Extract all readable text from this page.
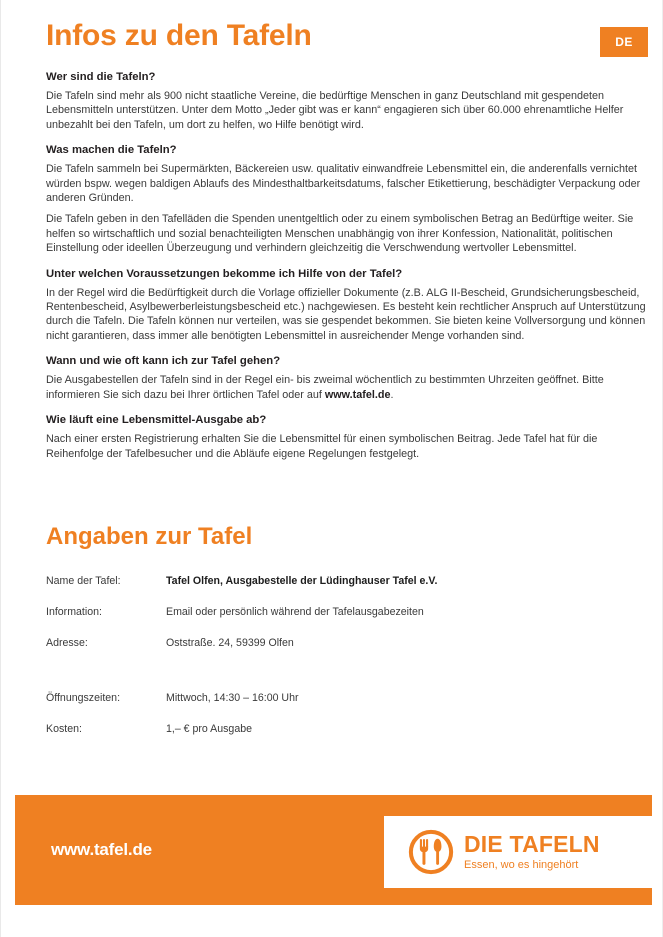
Infos zu den Tafeln	DE
Wer sind die Tafeln?

Die Tafeln sind mehr als 900 nicht staatliche Vereine, die bedürftige Menschen in ganz Deutschland mit gespendeten Lebensmitteln unterstützen. Unter dem Motto „Jeder gibt was er kann“ engagieren sich über 60.000 ehrenamtliche Helfer unbezahlt bei den Tafeln, um dort zu helfen, wo Hilfe benötigt wird.

Was machen die Tafeln?

Die Tafeln sammeln bei Supermärkten, Bäckereien usw. qualitativ einwandfreie Lebensmittel ein, die anderenfalls vernichtet würden bspw. wegen baldigen Ablaufs des Mindesthaltbarkeitsdatums, falscher Etikettierung, beschädigter Verpackung oder anderen Gründen.

Die Tafeln geben in den Tafelläden die Spenden unentgeltlich oder zu einem symbolischen Betrag an Bedürftige weiter. Sie helfen so wirtschaftlich und sozial benachteiligten Menschen unabhängig von ihrer Konfession, Nationalität, politischen Einstellung oder ideellen Überzeugung und verhindern gleichzeitig die Verschwendung wertvoller Lebensmittel.

Unter welchen Voraussetzungen bekomme ich Hilfe von der Tafel?

In der Regel wird die Bedürftigkeit durch die Vorlage offizieller Dokumente (z.B. ALG II-Bescheid, Grundsicherungsbescheid, Rentenbescheid, Asylbewerberleistungsbescheid etc.) nachgewiesen. Es besteht kein rechtlicher Anspruch auf Unterstützung durch die Tafeln. Die Tafeln können nur verteilen, was sie gespendet bekommen. Sie bieten keine Vollversorgung und können nicht garantieren, dass immer alle benötigten Lebensmittel in ausreichender Menge vorhanden sind.

Wann und wie oft kann ich zur Tafel gehen?

Die Ausgabestellen der Tafeln sind in der Regel ein- bis zweimal wöchentlich zu bestimmten Uhrzeiten geöffnet. Bitte informieren Sie sich dazu bei Ihrer örtlichen Tafel oder auf www.tafel.de.

Wie läuft eine Lebensmittel-Ausgabe ab?

Nach einer ersten Registrierung erhalten Sie die Lebensmittel für einen symbolischen Beitrag. Jede Tafel hat für die Reihenfolge der Tafelbesucher und die Abläufe eigene Regelungen festgelegt.

Angaben zur Tafel
Name der Tafel:	Tafel Olfen, Ausgabestelle der Lüdinghauser Tafel e.V.
Information:	Email oder persönlich während der Tafelausgabezeiten
Adresse:	Oststraße. 24, 59399 Olfen
Öffnungszeiten:	Mittwoch, 14:30 – 16:00 Uhr
Kosten:	1,– € pro Ausgabe
www.tafel.de	DIE TAFELN
Essen, wo es hingehört
